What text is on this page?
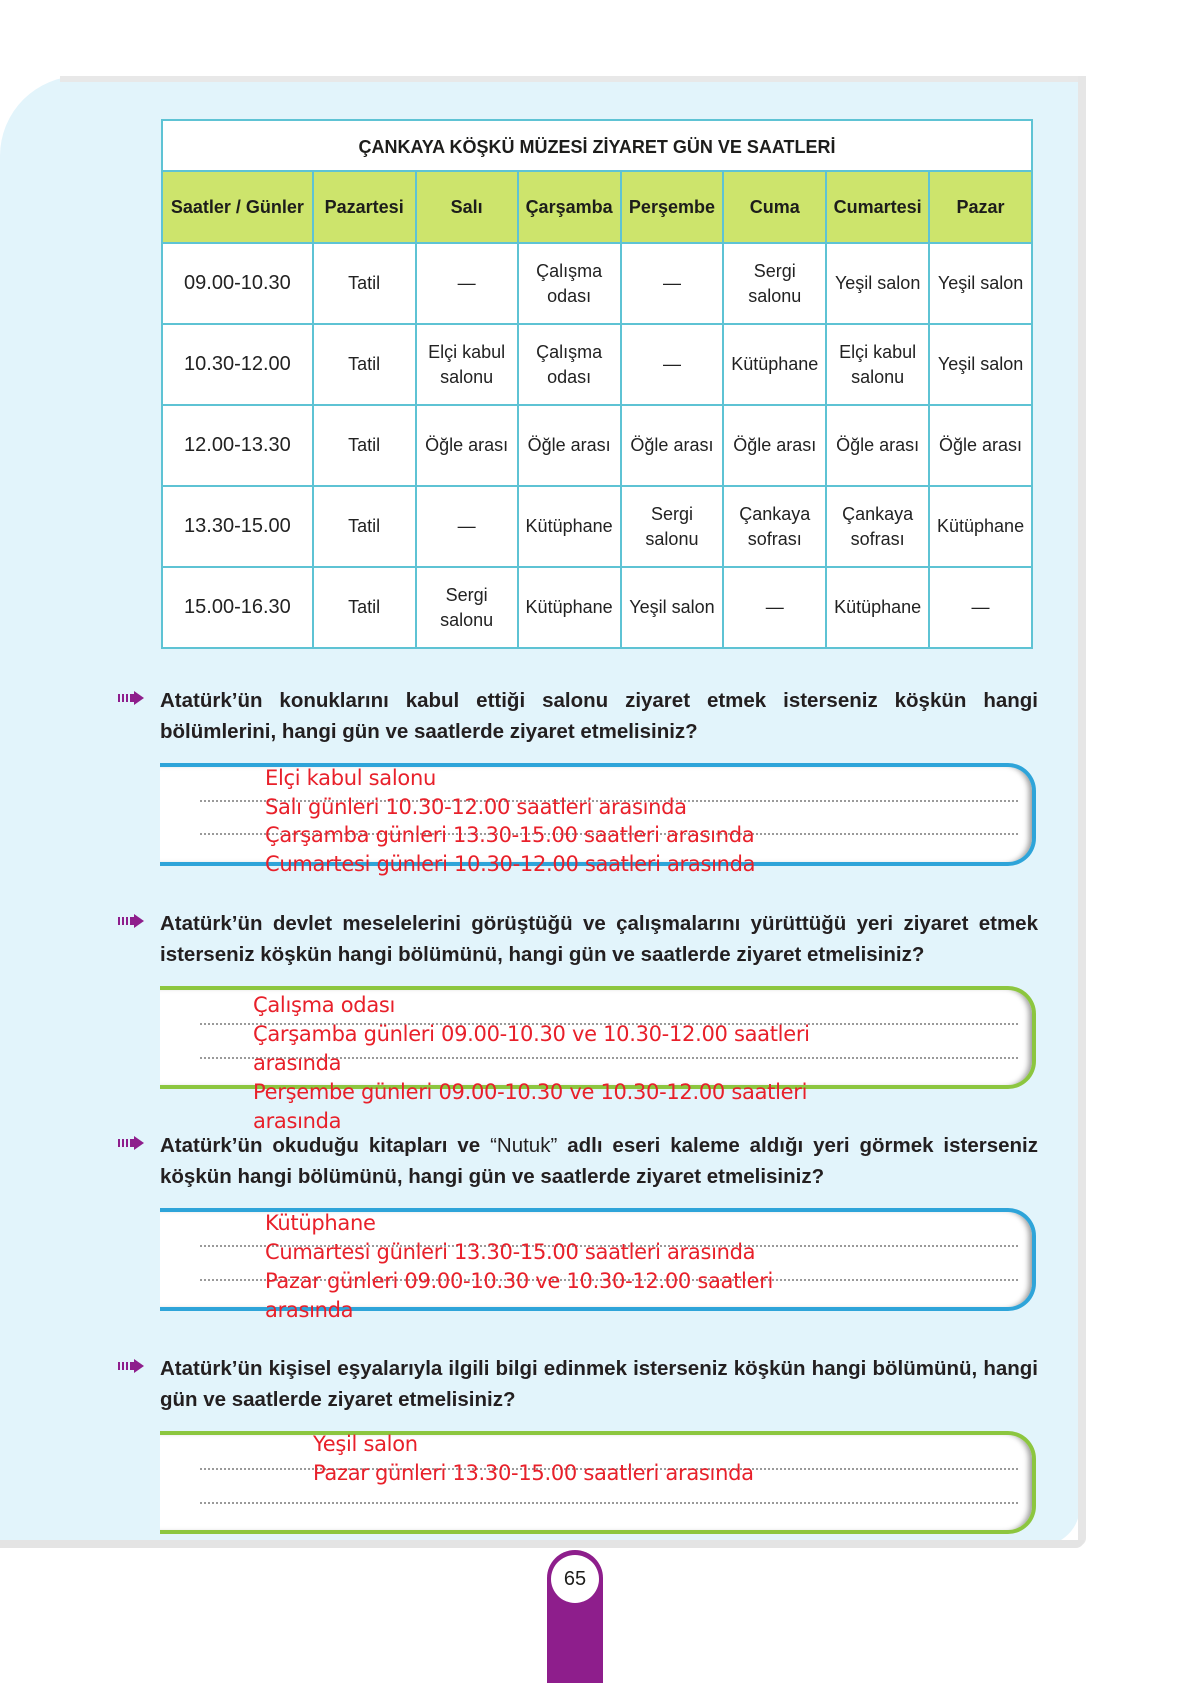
ÇANKAYA KÖŞKÜ MÜZESİ ZİYARET GÜN VE SAATLERİ							
Saatler / Günler	Pazartesi	Salı	Çarşamba	Perşembe	Cuma	Cumartesi	Pazar
09.00-10.30	Tatil	—	Çalışma odası	—	Sergi salonu	Yeşil salon	Yeşil salon
10.30-12.00	Tatil	Elçi kabul salonu	Çalışma odası	—	Kütüphane	Elçi kabul salonu	Yeşil salon
12.00-13.30	Tatil	Öğle arası	Öğle arası	Öğle arası	Öğle arası	Öğle arası	Öğle arası
13.30-15.00	Tatil	—	Kütüphane	Sergi salonu	Çankaya sofrası	Çankaya sofrası	Kütüphane
15.00-16.30	Tatil	Sergi salonu	Kütüphane	Yeşil salon	—	Kütüphane	—
Atatürk’ün konuklarını kabul ettiği salonu ziyaret etmek isterseniz köşkün hangi bölümlerini, hangi gün ve saatlerde ziyaret etmelisiniz?
Elçi kabul salonu
Salı günleri 10.30-12.00 saatleri arasında
Çarşamba günleri 13.30-15.00 saatleri arasında
Cumartesi günleri 10.30-12.00 saatleri arasında
Atatürk’ün devlet meselelerini görüştüğü ve çalışmalarını yürüttüğü yeri ziyaret etmek isterseniz köşkün hangi bölümünü, hangi gün ve saatlerde ziyaret etmelisiniz?
Çalışma odası
Çarşamba günleri 09.00-10.30 ve 10.30-12.00 saatleri
arasında
Perşembe günleri 09.00-10.30 ve 10.30-12.00 saatleri
arasında
Atatürk’ün okuduğu kitapları ve “Nutuk” adlı eseri kaleme aldığı yeri görmek isterseniz köşkün hangi bölümünü, hangi gün ve saatlerde ziyaret etmelisiniz?
Kütüphane
Cumartesi günleri 13.30-15.00 saatleri arasında
Pazar günleri 09.00-10.30 ve 10.30-12.00 saatleri
arasında
Atatürk’ün kişisel eşyalarıyla ilgili bilgi edinmek isterseniz köşkün hangi bölümünü, hangi gün ve saatlerde ziyaret etmelisiniz?
Yeşil salon
Pazar günleri 13.30-15.00 saatleri arasında
65
